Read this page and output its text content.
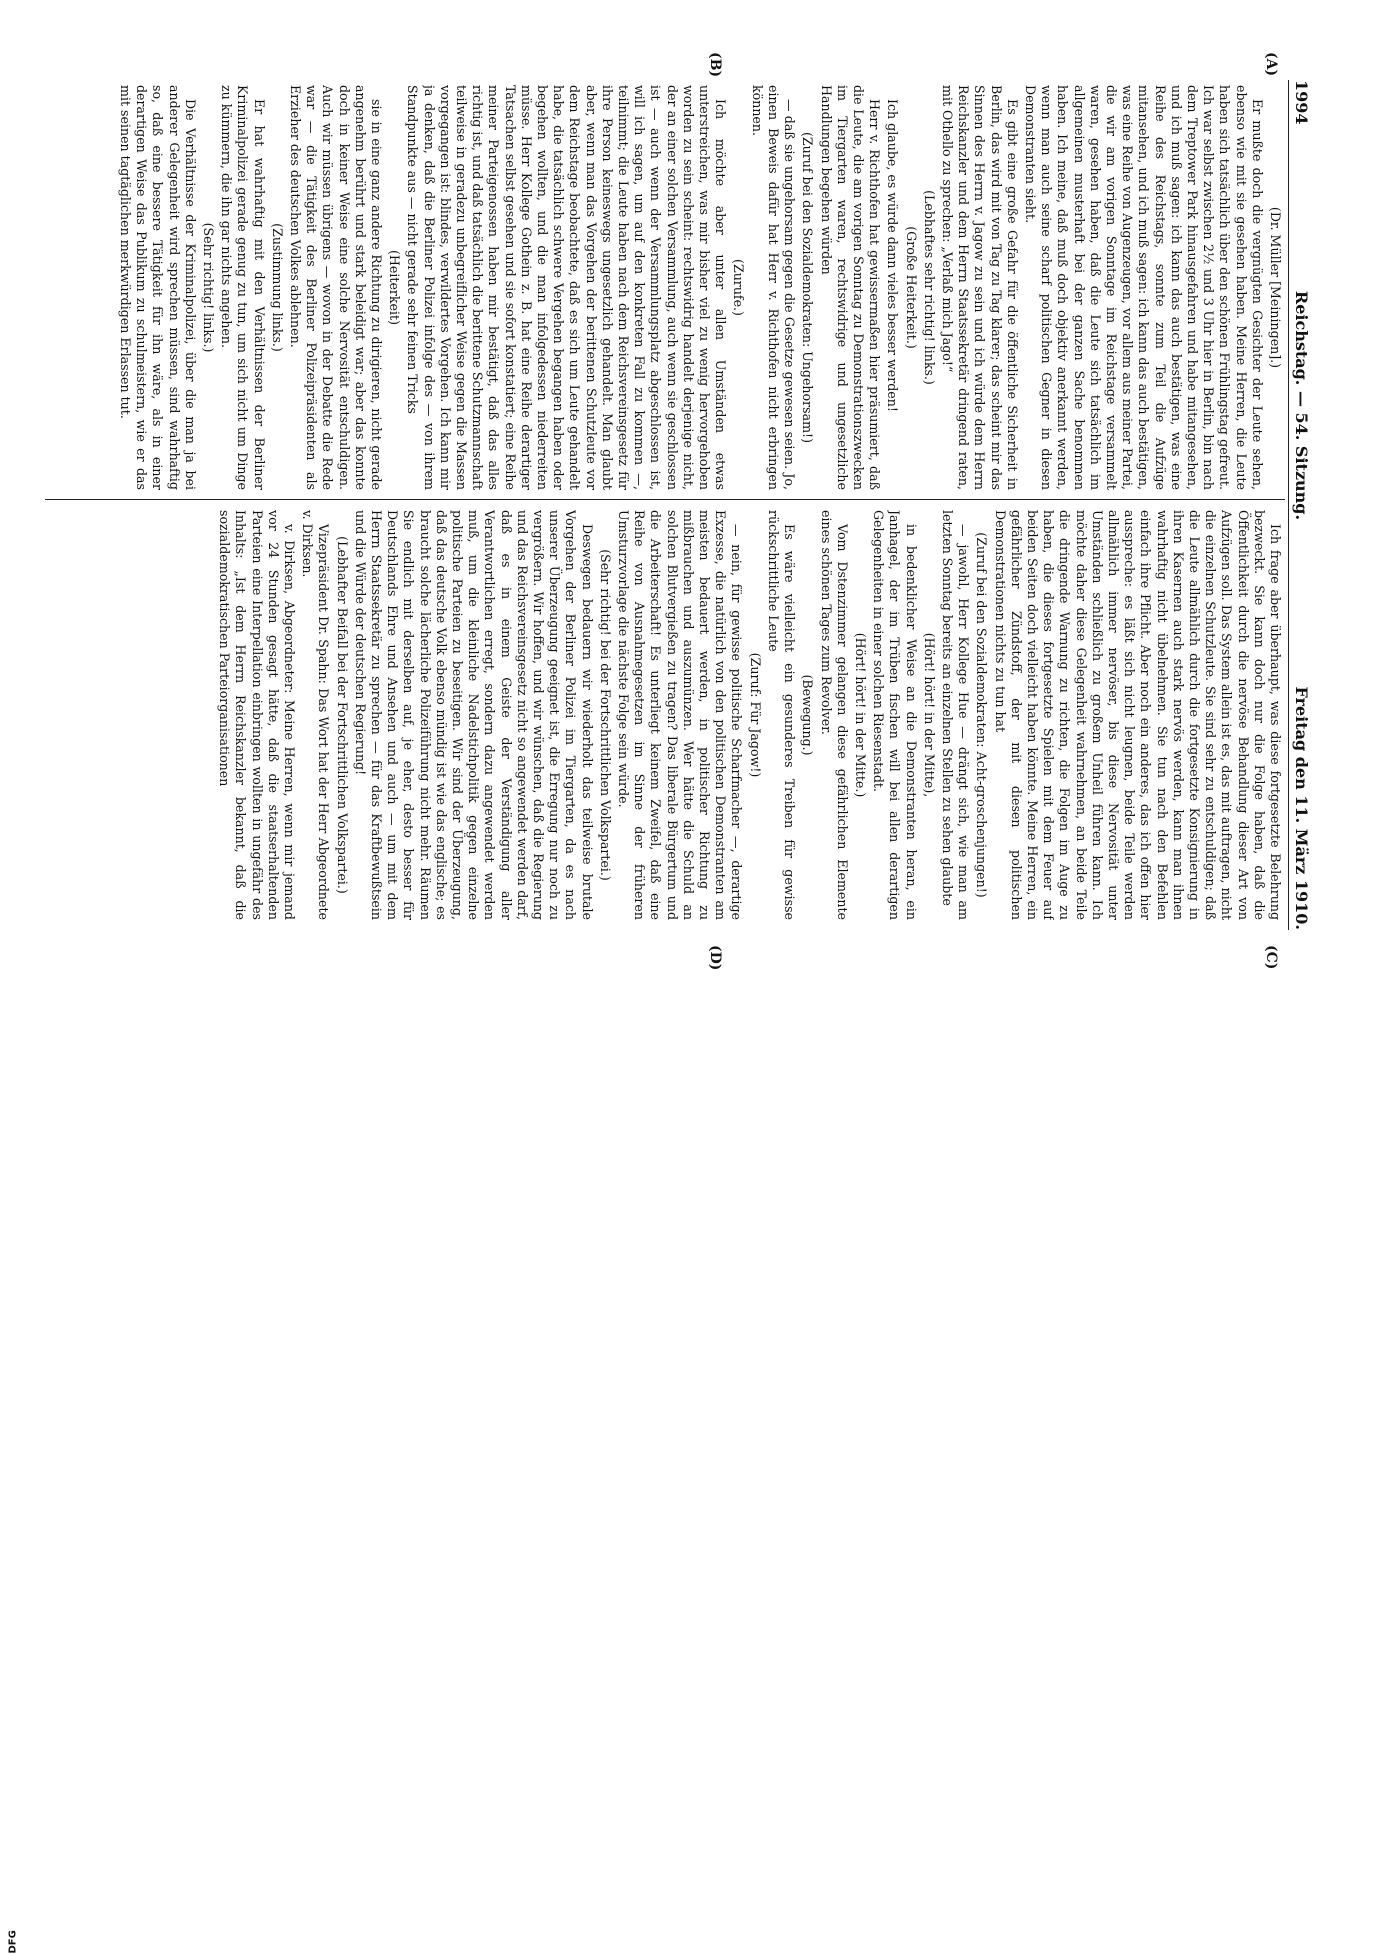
DFG
1994
Reichstag. — 54. Sitzung.
Freitag den 11. März 1910.
(A)
(B)
(C)
(D)

(Dr. Müller [Meiningen].)

Er mußte doch die vergnügten Gesichter der Leute sehen, ebenso wie mit sie gesehen haben. Meine Herren, die Leute haben sich tatsächlich über den schönen Frühlingstag gefreut. Ich war selbst zwischen 2½ und 3 Uhr hier in Berlin, bin nach dem Treptower Park hinausgefahren und habe mitangesehen, und ich muß sagen: ich kann das auch bestätigen, was eine Reihe des Reichstags, sonnte zum Teil die Aufzüge mitansehen, und ich muß sagen: ich kann das auch bestätigen, was eine Reihe von Augenzeugen, vor allem aus meiner Partei, die wir am vorigen Sonntage im Reichstage versammelt waren, gesehen haben, daß die Leute sich tatsächlich im allgemeinen musterhaft bei der ganzen Sache benommen haben. Ich meine, daß muß doch objektiv anerkannt werden, wenn man auch seine scharf politischen Gegner in diesen Demonstranten sieht.

Es gibt eine große Gefahr für die öffentliche Sicherheit in Berlin, das wird mit von Tag zu Tag klarer; das scheint mir das Sinnen des Herrn v. Jagow zu sein und ich würde dem Herrn Reichskanzler und dem Herrn Staatssekretär dringend raten, mit Othello zu sprechen: „Verlaß mich Jago!“

(Lebhaftes sehr richtig! links.)

(Große Heiterkeit.)

Ich glaube, es würde dann vieles besser werden!

Herr v. Richthofen hat gewissermaßen hier präsumiert, daß die Leute, die am vorigen Sonntag zu Demonstrationszwecken im Tiergarten waren, rechtswidrige und ungesetzliche Handlungen begehen würden

(Zuruf bei den Sozialdemokraten: Ungehorsam!)

— daß sie ungehorsam gegen die Gesetze gewesen seien. Jo, einen Beweis dafür hat Herr v. Richthofen nicht erbringen können.

(Zurufe.)

Ich möchte aber unter allen Umständen etwas unterstreichen, was mir bisher viel zu wenig hervorgehoben worden zu sein scheint: rechtswidrig handelt derjenige nicht, der an einer solchen Versammlung, auch wenn sie geschlossen ist — auch wenn der Versammlungsplatz abgeschlossen ist, will ich sagen, um auf den konkreten Fall zu kommen —, teilnimmt; die Leute haben nach dem Reichsvereinsgesetz für ihre Person keineswegs ungesetzlich gehandelt. Man glaubt aber, wenn man das Vorgehen der berittenen Schutzleute vor dem Reichstage beobachtete, daß es sich um Leute gehandelt habe, die tatsächlich schwere Vergehen begangen haben oder begehen wollten, und die man infolgedessen niederreiten müsse. Herr Kollege Gothein z. B. hat eine Reihe derartiger Tatsachen selbst gesehen und sie sofort konstatiert; eine Reihe meiner Parteigenossen haben mir bestätigt, daß das alles richtig ist, und daß tatsächlich die berittene Schutzmannschaft teilweise in geradezu unbegreiflicher Weise gegen die Massen vorgegangen ist: blindes, verwildertes Vorgehen. Ich kann mir ja denken, daß die Berliner Polizei infolge des — von ihrem Standpunkte aus — nicht gerade sehr feinen Tricks

(Heiterkeit)

sie in eine ganz andere Richtung zu dirigieren, nicht gerade angenehm berührt und stark beleidigt war; aber das konnte doch in keiner Weise eine solche Nervosität entschuldigen. Auch wir müssen übrigens — wovon in der Debatte die Rede war — die Tätigkeit des Berliner Polizeipräsidenten als Erzieher des deutschen Volkes ablehnen.

(Zustimmung links.)

Er hat wahrhaftig mit den Verhältnissen der Berliner Kriminalpolizei gerade genug zu tun, um sich nicht um Dinge zu kümmern, die ihn gar nichts angehen.

(Sehr richtig! links.)

Die Verhältnisse der Kriminalpolizei, über die man ja bei anderer Gelegenheit wird sprechen müssen, sind wahrhaftig so, daß eine bessere Tätigkeit für ihn wäre, als in einer derartigen Weise das Publikum zu schulmeistern, wie er das mit seinen tagtäglichen merkwürdigen Erlassen tut.

Ich frage aber überhaupt, was diese fortgesetzte Belehrung bezweckt. Sie kann doch nur die Folge haben, daß die Öffentlichkeit durch die nervöse Behandlung dieser Art von Aufzügen soll. Das System allein ist es, das mit auftragen, nicht die einzelnen Schutzleute. Sie sind sehr zu entschuldigen; daß die Leute allmählich durch die fortgesetzte Konsignierung in ihren Kasernen auch stark nervös werden, kann man ihnen wahrhaftig nicht übelnehmen. Sie tun nach den Befehlen einfach ihre Pflicht. Aber noch ein anderes, das ich offen hier ausspreche: es läßt sich nicht leugnen, beide Teile werden allmählich immer nervöser, bis diese Nervosität unter Umständen schließlich zu großem Unheil führen kann. Ich möchte daher diese Gelegenheit wahrnehmen, an beide Teile die dringende Warnung zu richten, die Folgen im Auge zu haben, die dieses fortgesetzte Spielen mit dem Feuer auf beiden Seiten doch vielleicht haben könnte. Meine Herren, ein gefährlicher Zündstoff, der mit diesen politischen Demonstrationen nichts zu tun hat

(Zuruf bei den Sozialdemokraten: Acht-groschenjungen!)

— jawohl, Herr Kollege Hue — drängt sich, wie man am letzten Sonntag bereits an einzelnen Stellen zu sehen glaubte

(Hört! hört! in der Mitte),

in bedenklicher Weise an die Demonstranten heran, ein Janhagel, der im Trüben fischen will bei allen derartigen Gelegenheiten in einer solchen Riesenstadt.

(Hört! hört! in der Mitte.)

Vom Dstenzimmer gelangen diese gefährlichen Elemente eines schönen Tages zum Revolver.

(Bewegung.)

Es wäre vielleicht ein gesunderes Treiben für gewisse rückschrittliche Leute

(Zuruf: Für Jagow!)

— nein, für gewisse politische Scharfmacher —, derartige Exzesse, die natürlich von den politischen Demonstranten am meisten bedauert werden, in politischer Richtung zu mißbrauchen und auszumünzen. Wer hätte die Schuld an solchen Blutvergießen zu tragen? Das liberale Bürgertum und die Arbeiterschaft! Es unterliegt keinem Zweifel, daß eine Reihe von Ausnahmegesetzen im Sinne der früheren Umsturzvorlage die nächste Folge sein würde.

(Sehr richtig! bei der Fortschrittlichen Volkspartei.)

Deswegen bedauern wir wiederholt das teilweise brutale Vorgehen der Berliner Polizei im Tiergarten, da es nach unserer Überzeugung geeignet ist, die Erregung nur noch zu vergrößern. Wir hoffen, und wir wünschen, daß die Regierung und das Reichsvereinsgesetz nicht so angewendet werden darf, daß es in einem Geiste der Verständigung aller Verantwortlichen erregt, sondern dazu angewendet werden muß, um die kleinliche Nadelstichpolitik gegen einzelne politische Parteien zu beseitigen. Wir sind der Überzeugung, daß das deutsche Volk ebenso mündig ist wie das englische; es braucht solche lächerliche Polizeiführung nicht mehr. Räumen Sie endlich mit derselben auf, je eher, desto besser für Deutschlands Ehre und Ansehen und auch — um mit dem Herrn Staatssekretär zu sprechen — für das Kraftbewußtsein und die Würde der deutschen Regierung!

(Lebhafter Beifall bei der Fortschrittlichen Volkspartei.)

Vizepräsident Dr. Spahn: Das Wort hat der Herr Abgeordnete v. Dirksen.

v. Dirksen, Abgeordneter: Meine Herren, wenn mir jemand vor 24 Stunden gesagt hätte, daß die staatserhaltenden Parteien eine Interpellation einbringen wollten in ungefähr des Inhalts: „Ist dem Herrn Reichskanzler bekannt, daß die sozialdemokratischen Parteiorganisationen
